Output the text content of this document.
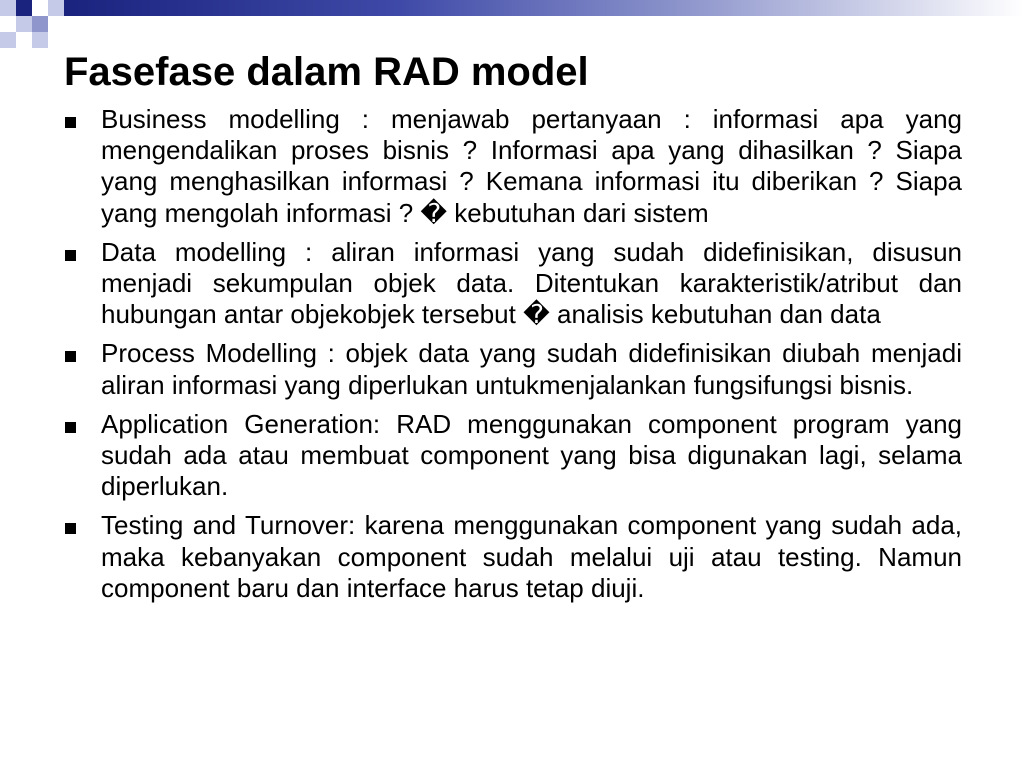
Fasefase dalam RAD model
Business modelling : menjawab pertanyaan : informasi apa yang mengendalikan proses bisnis ? Informasi apa yang dihasilkan ? Siapa yang menghasilkan informasi ? Kemana informasi itu diberikan ? Siapa yang mengolah informasi ? � kebutuhan dari sistem
Data modelling : aliran informasi yang sudah didefinisikan, disusun menjadi sekumpulan objek data. Ditentukan karakteristik/atribut dan hubungan antar objekobjek tersebut � analisis kebutuhan dan data
Process Modelling : objek data yang sudah didefinisikan diubah menjadi aliran informasi yang diperlukan untukmenjalankan fungsifungsi bisnis.
Application Generation: RAD menggunakan component program yang sudah ada atau membuat component yang bisa digunakan lagi, selama diperlukan.
Testing and Turnover: karena menggunakan component yang sudah ada, maka kebanyakan component sudah melalui uji atau testing. Namun component baru dan interface harus tetap diuji.
